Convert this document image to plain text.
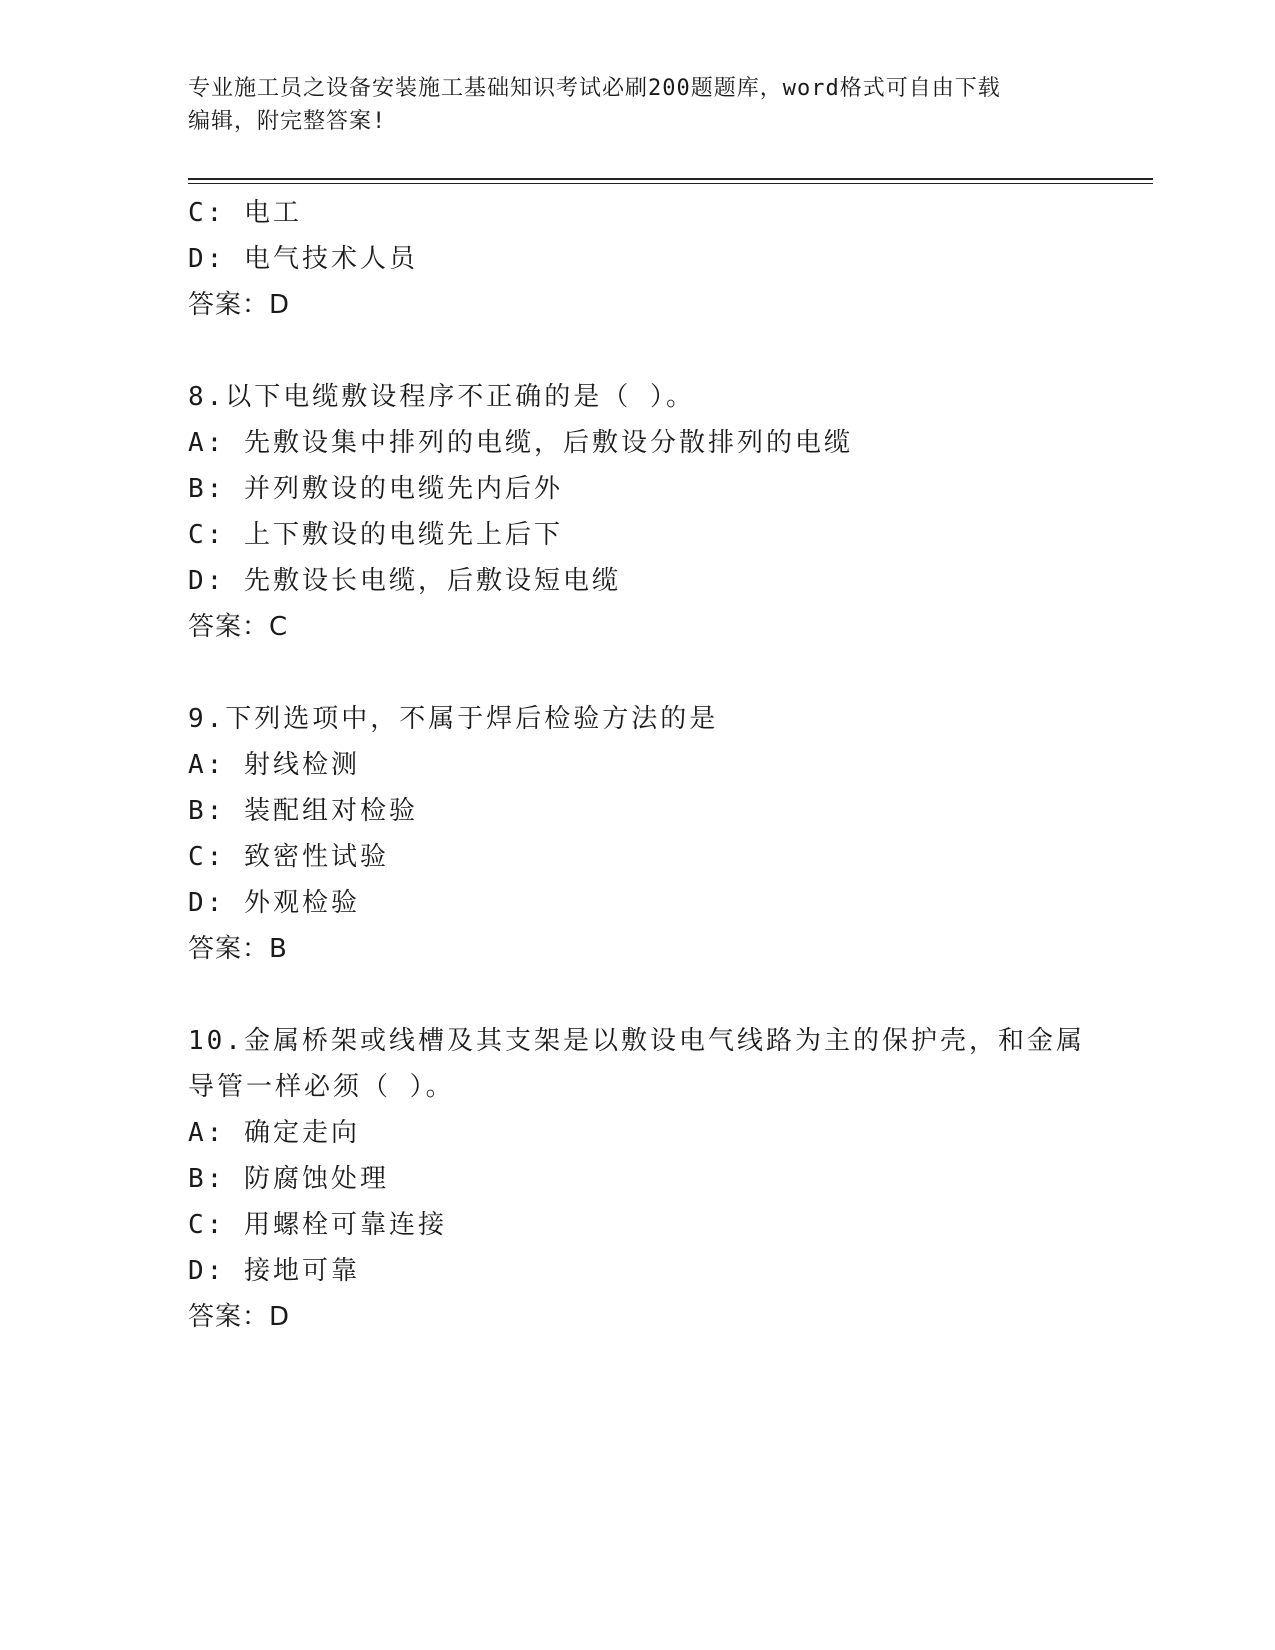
专业施工员之设备安装施工基础知识考试必刷200题题库，word格式可自由下载
编辑，附完整答案!
C: 电工
D: 电气技术人员
答案：D
8.以下电缆敷设程序不正确的是（ ）。
A: 先敷设集中排列的电缆，后敷设分散排列的电缆
B: 并列敷设的电缆先内后外
C: 上下敷设的电缆先上后下
D: 先敷设长电缆，后敷设短电缆
答案：C
9.下列选项中，不属于焊后检验方法的是
A: 射线检测
B: 装配组对检验
C: 致密性试验
D: 外观检验
答案：B
10.金属桥架或线槽及其支架是以敷设电气线路为主的保护壳，和金属
导管一样必须（ ）。
A: 确定走向
B: 防腐蚀处理
C: 用螺栓可靠连接
D: 接地可靠
答案：D
